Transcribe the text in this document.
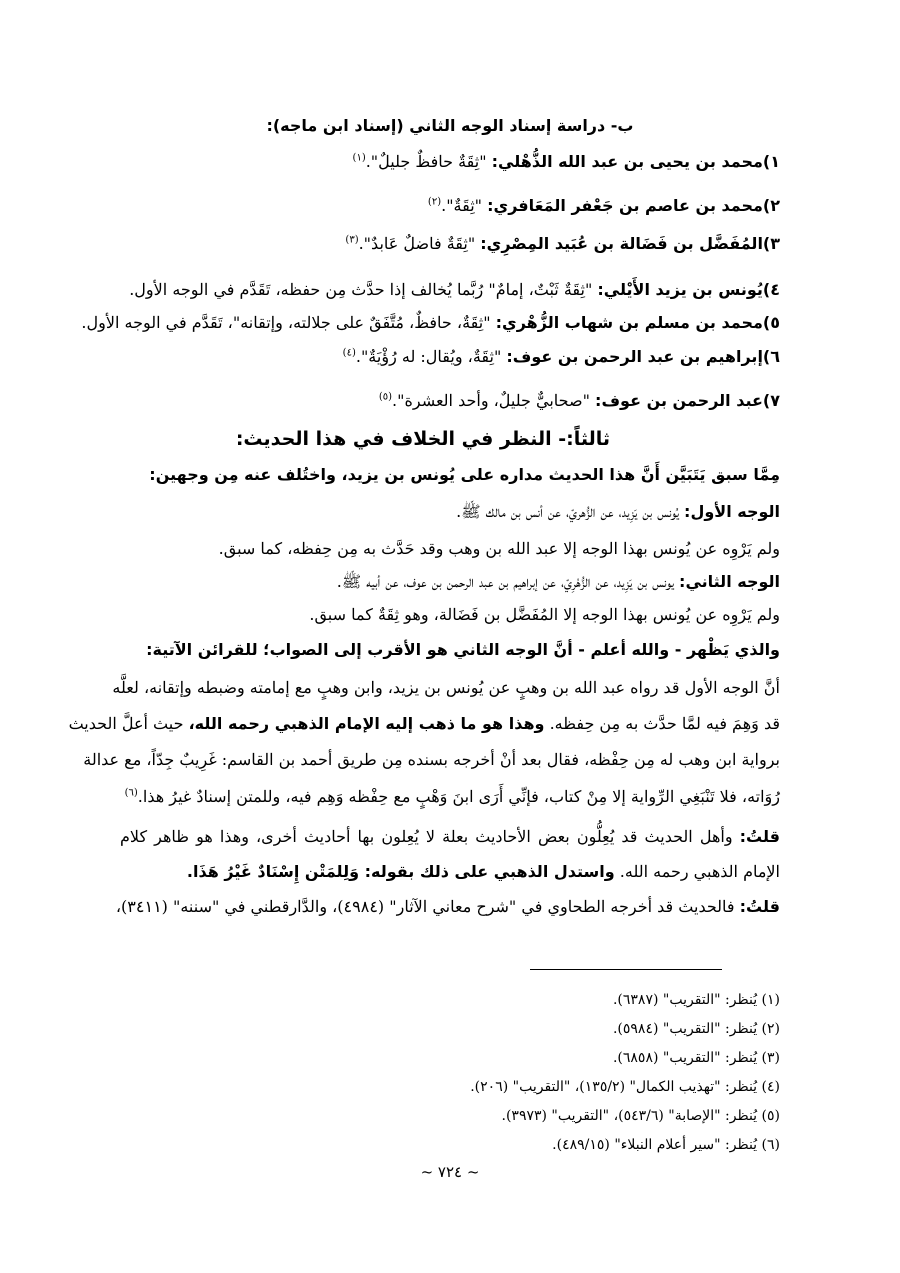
ب- دراسة إسناد الوجه الثاني (إسناد ابن ماجه):
١)محمد بن يحيى بن عبد الله الذُّهْلي: "ثِقَةٌ حافظٌ جليلٌ".$^{(١)}$
٢)محمد بن عاصم بن جَعْفر المَعَافري: "ثِقَةٌ".$^{(٢)}$
٣)المُفَضَّل بن فَضَالة بن عُبَيد المِصْرِي: "ثِقَةٌ فاضلٌ عَابدٌ".$^{(٣)}$
٤)يُونس بن يزيد الأَيْلي: "ثِقَةٌ ثَبْتٌ، إمامٌ" رُبَّما يُخالف إذا حدَّث مِن حفظه، تَقَدَّم في الوجه الأول.
٥)محمد بن مسلم بن شهاب الزُّهْري: "ثِقَةٌ، حافظٌ، مُتَّفَقٌ على جلالته، وإتقانه"، تَقَدَّم في الوجه الأول.
٦)إبراهيم بن عبد الرحمن بن عوف: "ثِقَةٌ، ويُقال: له رُؤْيَةٌ".$^{(٤)}$
٧)عبد الرحمن بن عوف: "صحابيٌّ جليلٌ، وأحد العشرة".$^{(٥)}$
ثالثاً:- النظر في الخلاف في هذا الحديث:
مِمَّا سبق يَتَبَيَّن أَنَّ هذا الحديث مداره على يُونس بن يزيد، واختُلف عنه مِن وجهين:
الوجه الأول: يُونس بن يَزِيد، عن الزُّهريّ، عن أنس بن مالك ﷺ.
ولم يَرْوِه عن يُونس بهذا الوجه إلا عبد الله بن وهب وقد حَدَّث به مِن حِفظه، كما سبق.
الوجه الثاني: يونس بن يَزِيد، عن الزُّهْرِيّ، عن إبراهيم بن عبد الرحمن بن عوف، عن أبيه ﷺ.
ولم يَرْوِه عن يُونس بهذا الوجه إلا المُفَضَّل بن فَضَالة، وهو ثِقَةٌ كما سبق.
والذي يَظْهر - والله أعلم - أنَّ الوجه الثاني هو الأقرب إلى الصواب؛ للقرائن الآتية:
أنَّ الوجه الأول قد رواه عبد الله بن وهبٍ عن يُونس بن يزيد، وابن وهبٍ مع إمامته وضبطه وإتقانه، لعلَّه
قد وَهِمَ فيه لمَّا حدَّث به مِن حِفظه. وهذا هو ما ذهب إليه الإمام الذهبي رحمه الله، حيث أعلَّ الحديث
برواية ابن وهب له مِن حِفْظه، فقال بعد أنْ أخرجه بسنده مِن طريق أحمد بن القاسم: غَرِيبٌ جِدّاً، مع عدالة
رُوَاته، فلا تَنْبَغِي الرِّواية إلا مِنْ كتاب، فإنِّي أَرَى ابنَ وَهْبٍ مع حِفْظه وَهِم فيه، وللمتن إسنادٌ غيرُ هذا.$^{(٦)}$
قلتُ: وأهل الحديث قد يُعِلُّون بعض الأحاديث بعلة لا يُعِلون بها أحاديث أخرى، وهذا هو ظاهر كلام
الإمام الذهبي رحمه الله. واستدل الذهبي على ذلك بقوله: وَلِلمَتْن إِسْنَادٌ غَيْرُ هَذَا.
قلتُ: فالحديث قد أخرجه الطحاوي في "شرح معاني الآثار" (٤٩٨٤)، والدَّارقطني في "سننه" (٣٤١١)،
(١) يُنظر: "التقريب" (٦٣٨٧).
(٢) يُنظر: "التقريب" (٥٩٨٤).
(٣) يُنظر: "التقريب" (٦٨٥٨).
(٤) يُنظر: "تهذيب الكمال" (١٣٥/٢)، "التقريب" (٢٠٦).
(٥) يُنظر: "الإصابة" (٥٤٣/٦)، "التقريب" (٣٩٧٣).
(٦) يُنظر: "سير أعلام النبلاء" (٤٨٩/١٥).
~ ٧٢٤ ~
